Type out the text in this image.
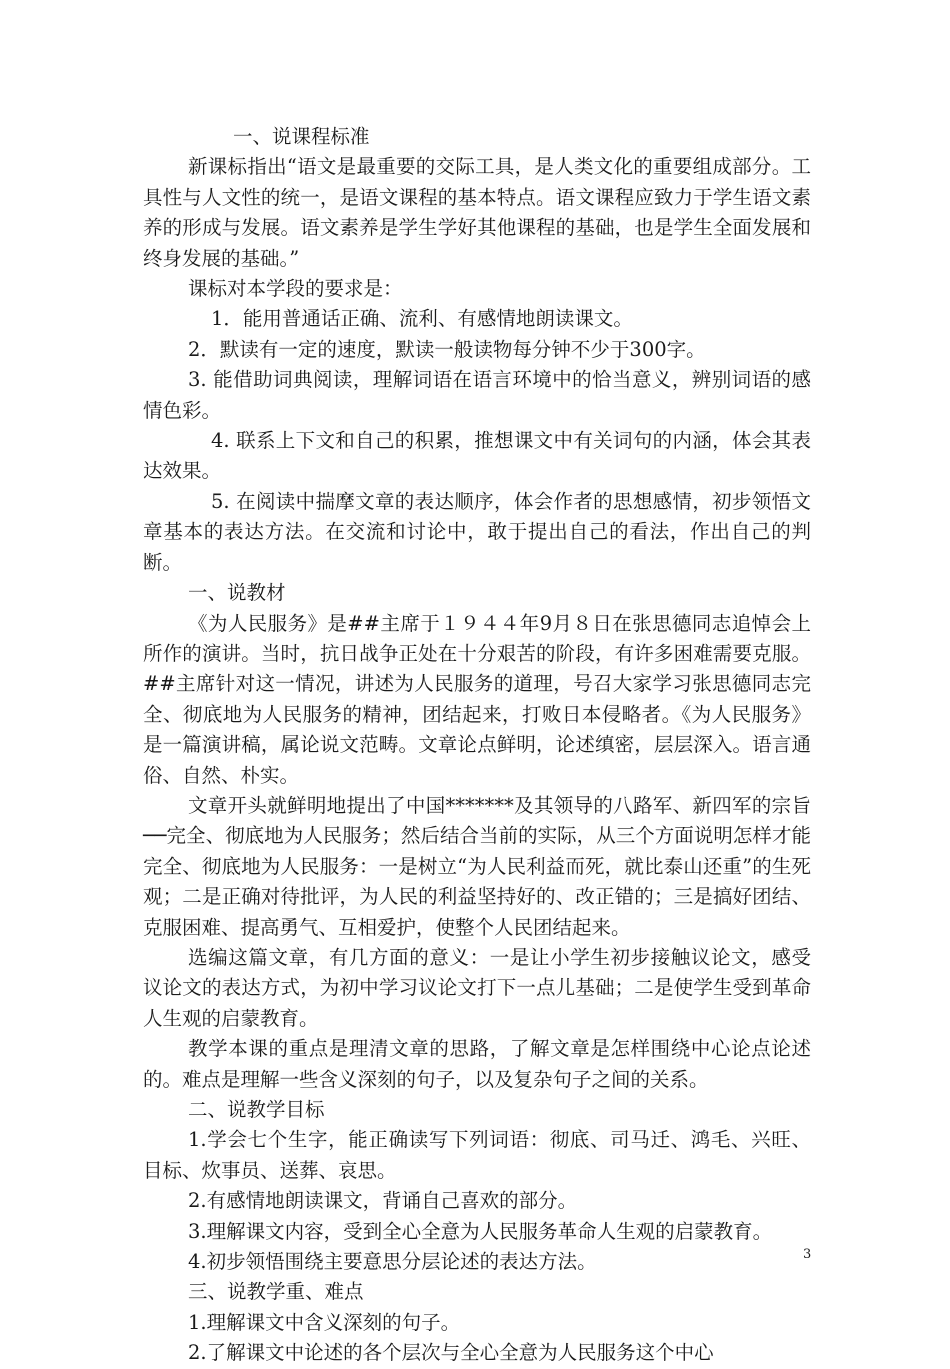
一、说课程标准

新课标指出“语文是最重要的交际工具，是人类文化的重要组成部分。工具性与人文性的统一，是语文课程的基本特点。语文课程应致力于学生语文素养的形成与发展。语文素养是学生学好其他课程的基础，也是学生全面发展和终身发展的基础。”

课标对本学段的要求是：

1．能用普通话正确、流利、有感情地朗读课文。

2．默读有一定的速度，默读一般读物每分钟不少于300字。

3. 能借助词典阅读，理解词语在语言环境中的恰当意义，辨别词语的感情色彩。

4. 联系上下文和自己的积累，推想课文中有关词句的内涵，体会其表达效果。

5. 在阅读中揣摩文章的表达顺序，体会作者的思想感情，初步领悟文章基本的表达方法。在交流和讨论中，敢于提出自己的看法，作出自己的判断。

一、说教材

《为人民服务》是##主席于１９４４年9月８日在张思德同志追悼会上所作的演讲。当时，抗日战争正处在十分艰苦的阶段，有许多困难需要克服。##主席针对这一情况，讲述为人民服务的道理，号召大家学习张思德同志完全、彻底地为人民服务的精神，团结起来，打败日本侵略者。《为人民服务》是一篇演讲稿，属论说文范畴。文章论点鲜明，论述缜密，层层深入。语言通俗、自然、朴实。

文章开头就鲜明地提出了中国*******及其领导的八路军、新四军的宗旨──完全、彻底地为人民服务；然后结合当前的实际，从三个方面说明怎样才能完全、彻底地为人民服务：一是树立“为人民利益而死，就比泰山还重”的生死观；二是正确对待批评，为人民的利益坚持好的、改正错的；三是搞好团结、克服困难、提高勇气、互相爱护，使整个人民团结起来。

选编这篇文章，有几方面的意义：一是让小学生初步接触议论文，感受议论文的表达方式，为初中学习议论文打下一点儿基础；二是使学生受到革命人生观的启蒙教育。

教学本课的重点是理清文章的思路，了解文章是怎样围绕中心论点论述的。难点是理解一些含义深刻的句子，以及复杂句子之间的关系。

二、说教学目标

1.学会七个生字，能正确读写下列词语：彻底、司马迁、鸿毛、兴旺、目标、炊事员、送葬、哀思。

2.有感情地朗读课文，背诵自己喜欢的部分。

3.理解课文内容，受到全心全意为人民服务革命人生观的启蒙教育。

4.初步领悟围绕主要意思分层论述的表达方法。

三、说教学重、难点

1.理解课文中含义深刻的句子。

2.了解课文中论述的各个层次与全心全意为人民服务这个中心

3
